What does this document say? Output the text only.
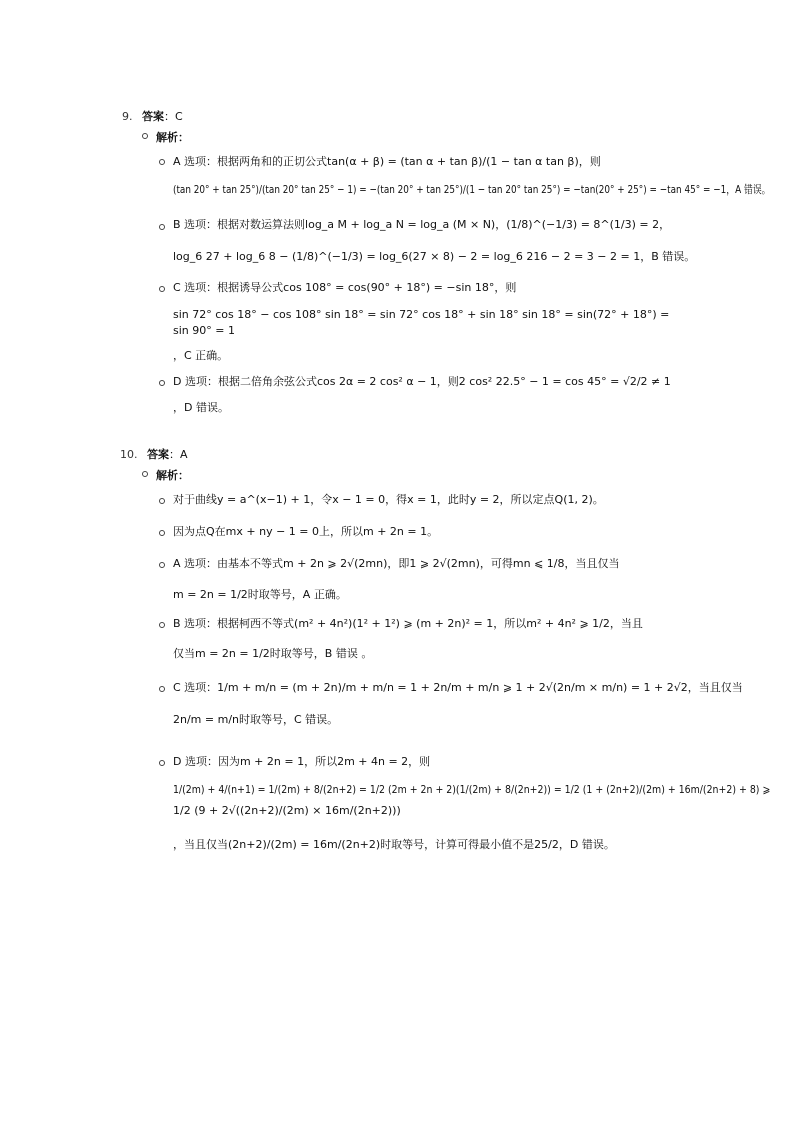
9. 答案：C
解析：
A 选项：根据两角和的正切公式tan(α + β) = (tan α + tan β)/(1 − tan α tan β)，则
(tan 20° + tan 25°)/(tan 20° tan 25° − 1) = −(tan 20° + tan 25°)/(1 − tan 20° tan 25°) = −tan(20° + 25°) = −tan 45° = −1，A 错误。
B 选项：根据对数运算法则log_a M + log_a N = log_a (M × N)，(1/8)^(−1/3) = 8^(1/3) = 2，
log_6 27 + log_6 8 − (1/8)^(−1/3) = log_6(27 × 8) − 2 = log_6 216 − 2 = 3 − 2 = 1，B 错误。
C 选项：根据诱导公式cos 108° = cos(90° + 18°) = −sin 18°，则
sin 72° cos 18° − cos 108° sin 18° = sin 72° cos 18° + sin 18° sin 18° = sin(72° + 18°) =
sin 90° = 1
，C 正确。
D 选项：根据二倍角余弦公式cos 2α = 2 cos² α − 1，则2 cos² 22.5° − 1 = cos 45° = √2/2 ≠ 1
，D 错误。
10. 答案：A
解析：
对于曲线y = a^(x−1) + 1，令x − 1 = 0，得x = 1，此时y = 2，所以定点Q(1, 2)。
因为点Q在mx + ny − 1 = 0上，所以m + 2n = 1。
A 选项：由基本不等式m + 2n ⩾ 2√(2mn)，即1 ⩾ 2√(2mn)，可得mn ⩽ 1/8，当且仅当
m = 2n = 1/2时取等号，A 正确。
B 选项：根据柯西不等式(m² + 4n²)(1² + 1²) ⩾ (m + 2n)² = 1，所以m² + 4n² ⩾ 1/2，当且
仅当m = 2n = 1/2时取等号，B 错误 。
C 选项：1/m + m/n = (m + 2n)/m + m/n = 1 + 2n/m + m/n ⩾ 1 + 2√(2n/m × m/n) = 1 + 2√2，当且仅当
2n/m = m/n时取等号，C 错误。
D 选项：因为m + 2n = 1，所以2m + 4n = 2，则
1/(2m) + 4/(n+1) = 1/(2m) + 8/(2n+2) = 1/2 (2m + 2n + 2)(1/(2m) + 8/(2n+2)) = 1/2 (1 + (2n+2)/(2m) + 16m/(2n+2) + 8) ⩾
1/2 (9 + 2√((2n+2)/(2m) × 16m/(2n+2)))
，当且仅当(2n+2)/(2m) = 16m/(2n+2)时取等号，计算可得最小值不是25/2，D 错误。
